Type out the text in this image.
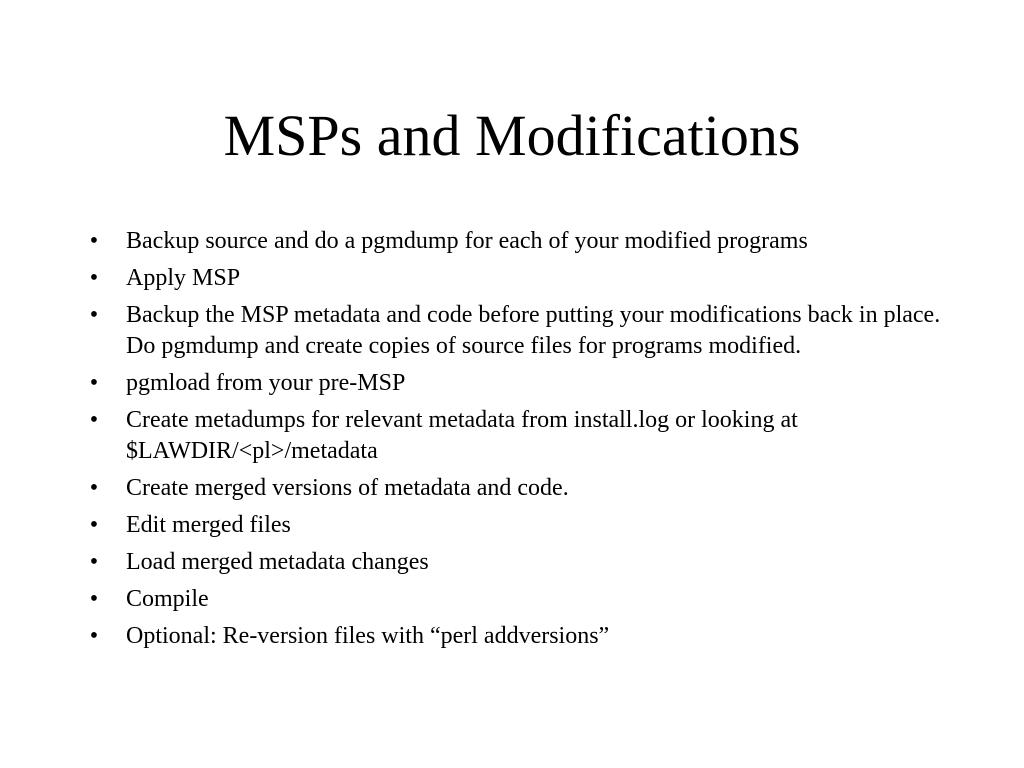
MSPs and Modifications
• Backup source and do a pgmdump for each of your modified programs
• Apply MSP
• Backup the MSP metadata and code before putting your modifications back in place. Do pgmdump and create copies of source files for programs modified.
• pgmload from your pre-MSP
• Create metadumps for relevant metadata from install.log or looking at $LAWDIR/<pl>/metadata
• Create merged versions of metadata and code.
• Edit merged files
• Load merged metadata changes
• Compile
• Optional: Re-version files with “perl addversions”
